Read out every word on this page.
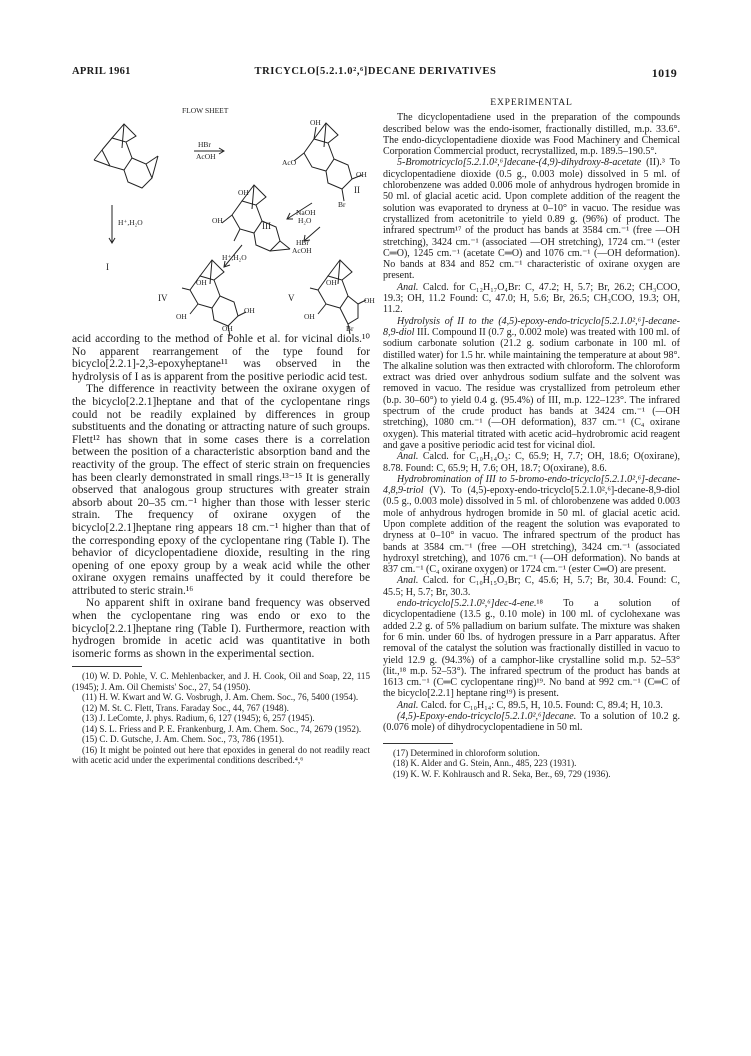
APRIL 1961	TRICYCLO[5.2.1.0²,⁶]DECANE DERIVATIVES	1019
FLOW SHEET
HBr
AcOH
I
II
III
IV	V
H⁺,H₂O
H⁺,H₂O
NaOH
H₂O
HBr
AcOH
OH
AcO
OH
Br
OH
OH
OH
OH
OH
OH
OH
OH
OH
Br

acid according to the method of Pohle et al. for vicinal diols.¹⁰ No apparent rearrangement of the type found for bicyclo[2.2.1]-2,3-epoxyheptane¹¹ was observed in the hydrolysis of I as is apparent from the positive periodic acid test.

The difference in reactivity between the oxirane oxygen of the bicyclo[2.2.1]heptane and that of the cyclopentane rings could not be readily explained by differences in group substituents and the donating or attracting nature of such groups. Flett¹² has shown that in some cases there is a correlation between the position of a characteristic absorption band and the reactivity of the group. The effect of steric strain on frequencies has been clearly demonstrated in small rings.¹³⁻¹⁵ It is generally observed that analogous group structures with greater strain absorb about 20–35 cm.⁻¹ higher than those with lesser steric strain. The frequency of oxirane oxygen of the bicyclo[2.2.1]heptane ring appears 18 cm.⁻¹ higher than that of the corresponding epoxy of the cyclopentane ring (Table I). The behavior of dicyclopentadiene dioxide, resulting in the ring opening of one epoxy group by a weak acid while the other oxirane oxygen remains unaffected by it could therefore be attributed to steric strain.¹⁶

No apparent shift in oxirane band frequency was observed when the cyclopentane ring was endo or exo to the bicyclo[2.2.1]heptane ring (Table I). Furthermore, reaction with hydrogen bromide in acetic acid was quantitative in both isomeric forms as shown in the experimental section.

(10) W. D. Pohle, V. C. Mehlenbacker, and J. H. Cook, Oil and Soap, 22, 115 (1945); J. Am. Oil Chemists' Soc., 27, 54 (1950).

(11) H. W. Kwart and W. G. Vosbrugh, J. Am. Chem. Soc., 76, 5400 (1954).

(12) M. St. C. Flett, Trans. Faraday Soc., 44, 767 (1948).

(13) J. LeComte, J. phys. Radium, 6, 127 (1945); 6, 257 (1945).

(14) S. L. Friess and P. E. Frankenburg, J. Am. Chem. Soc., 74, 2679 (1952).

(15) C. D. Gutsche, J. Am. Chem. Soc., 73, 786 (1951).

(16) It might be pointed out here that epoxides in general do not readily react with acetic acid under the experimental conditions described.⁴,⁶

EXPERIMENTAL

The dicyclopentadiene used in the preparation of the compounds described below was the endo-isomer, fractionally distilled, m.p. 33.6°. The endo-dicyclopentadiene dioxide was Food Machinery and Chemical Corporation Commercial product, recrystallized, m.p. 189.5–190.5°.

5-Bromotricyclo[5.2.1.0²,⁶]decane-(4,9)-dihydroxy-8-acetate (II).³ To dicyclopentadiene dioxide (0.5 g., 0.003 mole) dissolved in 5 ml. of chlorobenzene was added 0.006 mole of anhydrous hydrogen bromide in 50 ml. of glacial acetic acid. Upon complete addition of the reagent the solution was evaporated to dryness at 0–10° in vacuo. The residue was crystallized from acetonitrile to yield 0.89 g. (96%) of product. The infrared spectrum¹⁷ of the product has bands at 3584 cm.⁻¹ (free —OH stretching), 3424 cm.⁻¹ (associated —OH stretching), 1724 cm.⁻¹ (ester C═O), 1245 cm.⁻¹ (acetate C═O) and 1076 cm.⁻¹ (—OH deformation). No bands at 834 and 852 cm.⁻¹ characteristic of oxirane oxygen are present.

Anal. Calcd. for C₁₂H₁₇O₄Br: C, 47.2; H, 5.7; Br, 26.2; CH₃COO, 19.3; OH, 11.2 Found: C, 47.0; H, 5.6; Br, 26.5; CH₃COO, 19.3; OH, 11.2.

Hydrolysis of II to the (4,5)-epoxy-endo-tricyclo[5.2.1.0²,⁶]-decane-8,9-diol III. Compound II (0.7 g., 0.002 mole) was treated with 100 ml. of sodium carbonate solution (21.2 g. sodium carbonate in 100 ml. of distilled water) for 1.5 hr. while maintaining the temperature at about 98°. The alkaline solution was then extracted with chloroform. The chloroform extract was dried over anhydrous sodium sulfate and the solvent was removed in vacuo. The residue was crystallized from petroleum ether (b.p. 30–60°) to yield 0.4 g. (95.4%) of III, m.p. 122–123°. The infrared spectrum of the crude product has bands at 3424 cm.⁻¹ (—OH stretching), 1080 cm.⁻¹ (—OH deformation), 837 cm.⁻¹ (C₄ oxirane oxygen). This material titrated with acetic acid–hydrobromic acid reagent and gave a positive periodic acid test for vicinal diol.

Anal. Calcd. for C₁₀H₁₄O₃: C, 65.9; H, 7.7; OH, 18.6; O(oxirane), 8.78. Found: C, 65.9; H, 7.6; OH, 18.7; O(oxirane), 8.6.

Hydrobromination of III to 5-bromo-endo-tricyclo[5.2.1.0²,⁶]-decane-4,8,9-triol (V). To (4,5)-epoxy-endo-tricyclo[5.2.1.0²,⁶]-decane-8,9-diol (0.5 g., 0.003 mole) dissolved in 5 ml. of chlorobenzene was added 0.003 mole of anhydrous hydrogen bromide in 50 ml. of glacial acetic acid. Upon complete addition of the reagent the solution was evaporated to dryness at 0–10° in vacuo. The infrared spectrum of the product has bands at 3584 cm.⁻¹ (free —OH stretching), 3424 cm.⁻¹ (associated hydroxyl stretching), and 1076 cm.⁻¹ (—OH deformation). No bands at 837 cm.⁻¹ (C₄ oxirane oxygen) or 1724 cm.⁻¹ (ester C═O) are present.

Anal. Calcd. for C₁₀H₁₅O₃Br; C, 45.6; H, 5.7; Br, 30.4. Found: C, 45.5; H, 5.7; Br, 30.3.

endo-tricyclo[5.2.1.0²,⁶]dec-4-ene.¹⁸ To a solution of dicyclopentadiene (13.5 g., 0.10 mole) in 100 ml. of cyclohexane was added 2.2 g. of 5% palladium on barium sulfate. The mixture was shaken for 6 min. under 60 lbs. of hydrogen pressure in a Parr apparatus. After removal of the catalyst the solution was fractionally distilled in vacuo to yield 12.9 g. (94.3%) of a camphor-like crystalline solid m.p. 52–53° (lit.,¹⁸ m.p. 52–53°). The infrared spectrum of the product has bands at 1613 cm.⁻¹ (C═C cyclopentane ring)¹⁹. No band at 992 cm.⁻¹ (C═C of the bicyclo[2.2.1] heptane ring¹⁹) is present.

Anal. Calcd. for C₁₀H₁₄: C, 89.5, H, 10.5. Found: C, 89.4; H, 10.3.

(4,5)-Epoxy-endo-tricyclo[5.2.1.0²,⁶]decane. To a solution of 10.2 g. (0.076 mole) of dihydrocyclopentadiene in 50 ml.

(17) Determined in chloroform solution.

(18) K. Alder and G. Stein, Ann., 485, 223 (1931).

(19) K. W. F. Kohlrausch and R. Seka, Ber., 69, 729 (1936).
